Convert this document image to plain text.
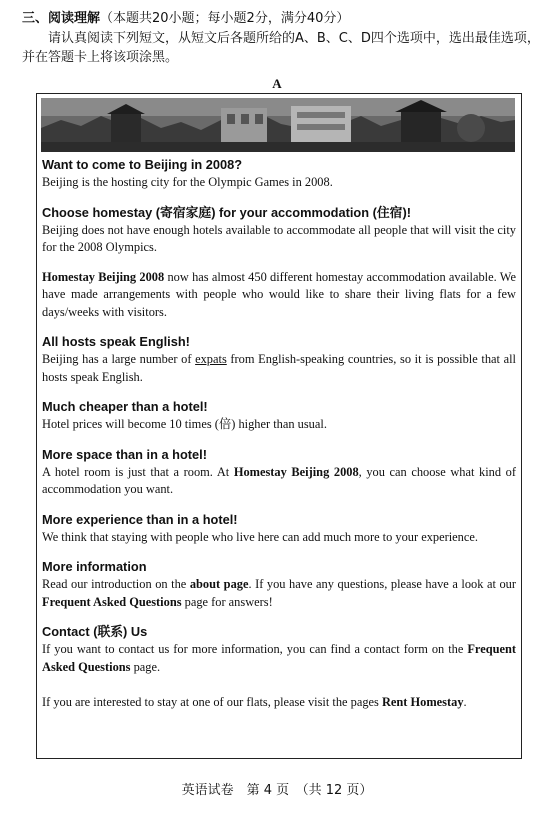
三、阅读理解（本题共20小题；每小题2分，满分40分）
请认真阅读下列短文，从短文后各题所给的A、B、C、D四个选项中，选出最佳选项，并在答题卡上将该项涂黑。
A

Want to come to Beijing in 2008?

Beijing is the hosting city for the Olympic Games in 2008.

Choose homestay (寄宿家庭) for your accommodation (住宿)!

Beijing does not have enough hotels available to accommodate all people that will visit the city for the 2008 Olympics.

Homestay Beijing 2008 now has almost 450 different homestay accommodation available. We have made arrangements with people who would like to share their living flats for a few days/weeks with visitors.

All hosts speak English!

Beijing has a large number of expats from English-speaking countries, so it is possible that all hosts speak English.

Much cheaper than a hotel!

Hotel prices will become 10 times (倍) higher than usual.

More space than in a hotel!

A hotel room is just that a room. At Homestay Beijing 2008, you can choose what kind of accommodation you want.

More experience than in a hotel!

We think that staying with people who live here can add much more to your experience.

More information

Read our introduction on the about page. If you have any questions, please have a look at our Frequent Asked Questions page for answers!

Contact (联系) Us

If you want to contact us for more information, you can find a contact form on the Frequent Asked Questions page.

If you are interested to stay at one of our flats, please visit the pages Rent Homestay.

英语试卷　第 4 页　（共 12 页）
